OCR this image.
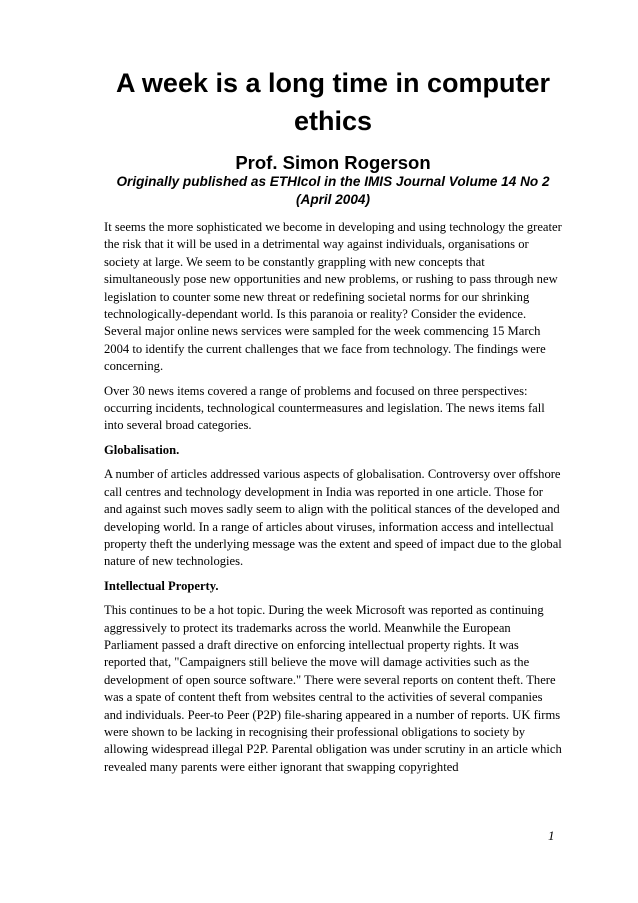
A week is a long time in computer ethics
Prof. Simon Rogerson
Originally published as ETHIcol in the IMIS Journal Volume 14 No 2 (April 2004)

It seems the more sophisticated we become in developing and using technology the greater the risk that it will be used in a detrimental way against individuals, organisations or society at large. We seem to be constantly grappling with new concepts that simultaneously pose new opportunities and new problems, or rushing to pass through new legislation to counter some new threat or redefining societal norms for our shrinking technologically-dependant world. Is this paranoia or reality? Consider the evidence. Several major online news services were sampled for the week commencing 15 March 2004 to identify the current challenges that we face from technology. The findings were concerning.

Over 30 news items covered a range of problems and focused on three perspectives: occurring incidents, technological countermeasures and legislation. The news items fall into several broad categories.

Globalisation.

A number of articles addressed various aspects of globalisation. Controversy over offshore call centres and technology development in India was reported in one article. Those for and against such moves sadly seem to align with the political stances of the developed and developing world. In a range of articles about viruses, information access and intellectual property theft the underlying message was the extent and speed of impact due to the global nature of new technologies.

Intellectual Property.

This continues to be a hot topic. During the week Microsoft was reported as continuing aggressively to protect its trademarks across the world. Meanwhile the European Parliament passed a draft directive on enforcing intellectual property rights. It was reported that, "Campaigners still believe the move will damage activities such as the development of open source software." There were several reports on content theft. There was a spate of content theft from websites central to the activities of several companies and individuals. Peer-to Peer (P2P) file-sharing appeared in a number of reports. UK firms were shown to be lacking in recognising their professional obligations to society by allowing widespread illegal P2P. Parental obligation was under scrutiny in an article which revealed many parents were either ignorant that swapping copyrighted

1
